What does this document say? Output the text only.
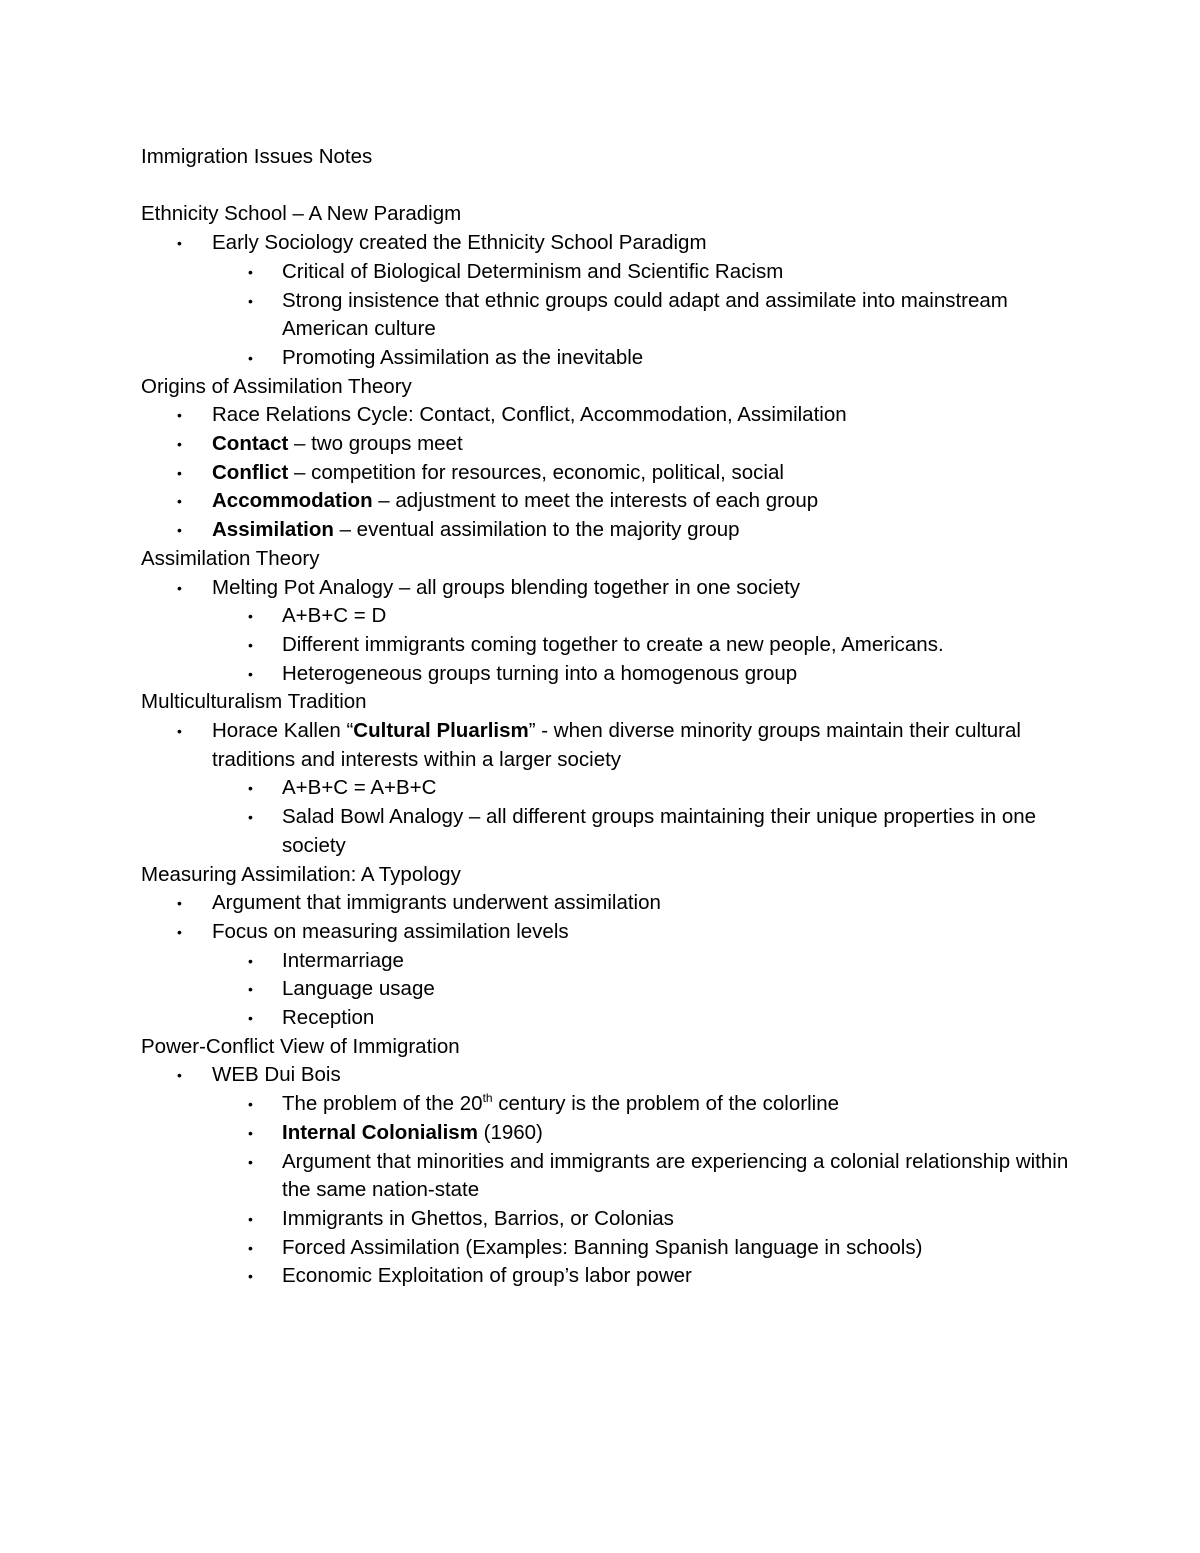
Immigration Issues Notes

Ethnicity School – A New Paradigm

• Early Sociology created the Ethnicity School Paradigm
• Critical of Biological Determinism and Scientific Racism
• Strong insistence that ethnic groups could adapt and assimilate into mainstream American culture
• Promoting Assimilation as the inevitable

Origins of Assimilation Theory

• Race Relations Cycle: Contact, Conflict, Accommodation, Assimilation
• Contact – two groups meet
• Conflict – competition for resources, economic, political, social
• Accommodation – adjustment to meet the interests of each group
• Assimilation – eventual assimilation to the majority group

Assimilation Theory

• Melting Pot Analogy – all groups blending together in one society
• A+B+C = D
• Different immigrants coming together to create a new people, Americans.
• Heterogeneous groups turning into a homogenous group

Multiculturalism Tradition

• Horace Kallen “Cultural Pluarlism” - when diverse minority groups maintain their cultural traditions and interests within a larger society
• A+B+C = A+B+C
• Salad Bowl Analogy – all different groups maintaining their unique properties in one society

Measuring Assimilation: A Typology

• Argument that immigrants underwent assimilation
• Focus on measuring assimilation levels
• Intermarriage
• Language usage
• Reception

Power-Conflict View of Immigration

• WEB Dui Bois
• The problem of the 20th century is the problem of the colorline
• Internal Colonialism (1960)
• Argument that minorities and immigrants are experiencing a colonial relationship within the same nation-state
• Immigrants in Ghettos, Barrios, or Colonias
• Forced Assimilation (Examples: Banning Spanish language in schools)
• Economic Exploitation of group’s labor power
